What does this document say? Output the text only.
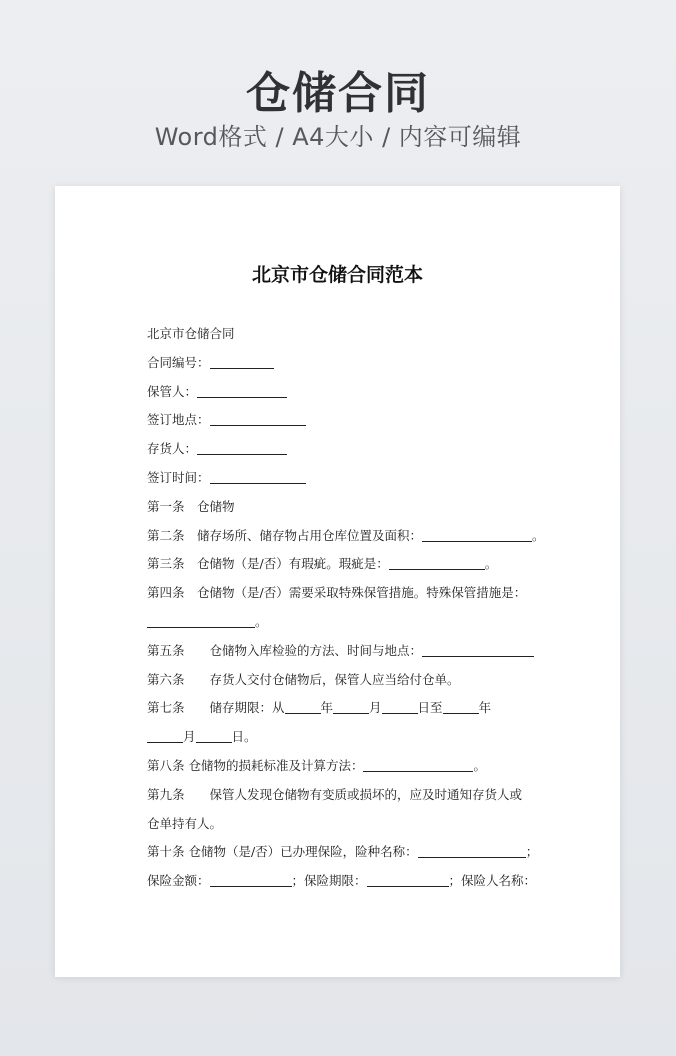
仓储合同
Word格式 / A4大小 / 内容可编辑
北京市仓储合同范本
北京市仓储合同
合同编号：
保管人：
签订地点：
存货人：
签订时间：
第一条　仓储物
第二条　储存场所、储存物占用仓库位置及面积：	。
第三条　仓储物（是/否）有瑕疵。瑕疵是：	。
第四条　仓储物（是/否）需要采取特殊保管措施。特殊保管措施是：
。
第五条　　仓储物入库检验的方法、时间与地点：
第六条　　存货人交付仓储物后，保管人应当给付仓单。
第七条　　储存期限：从	年	月	日至	年
月	日。
第八条 仓储物的损耗标准及计算方法：	。
第九条　　保管人发现仓储物有变质或损坏的，应及时通知存货人或
仓单持有人。
第十条 仓储物（是/否）已办理保险，险种名称：	；
保险金额：	；保险期限：	；保险人名称：
